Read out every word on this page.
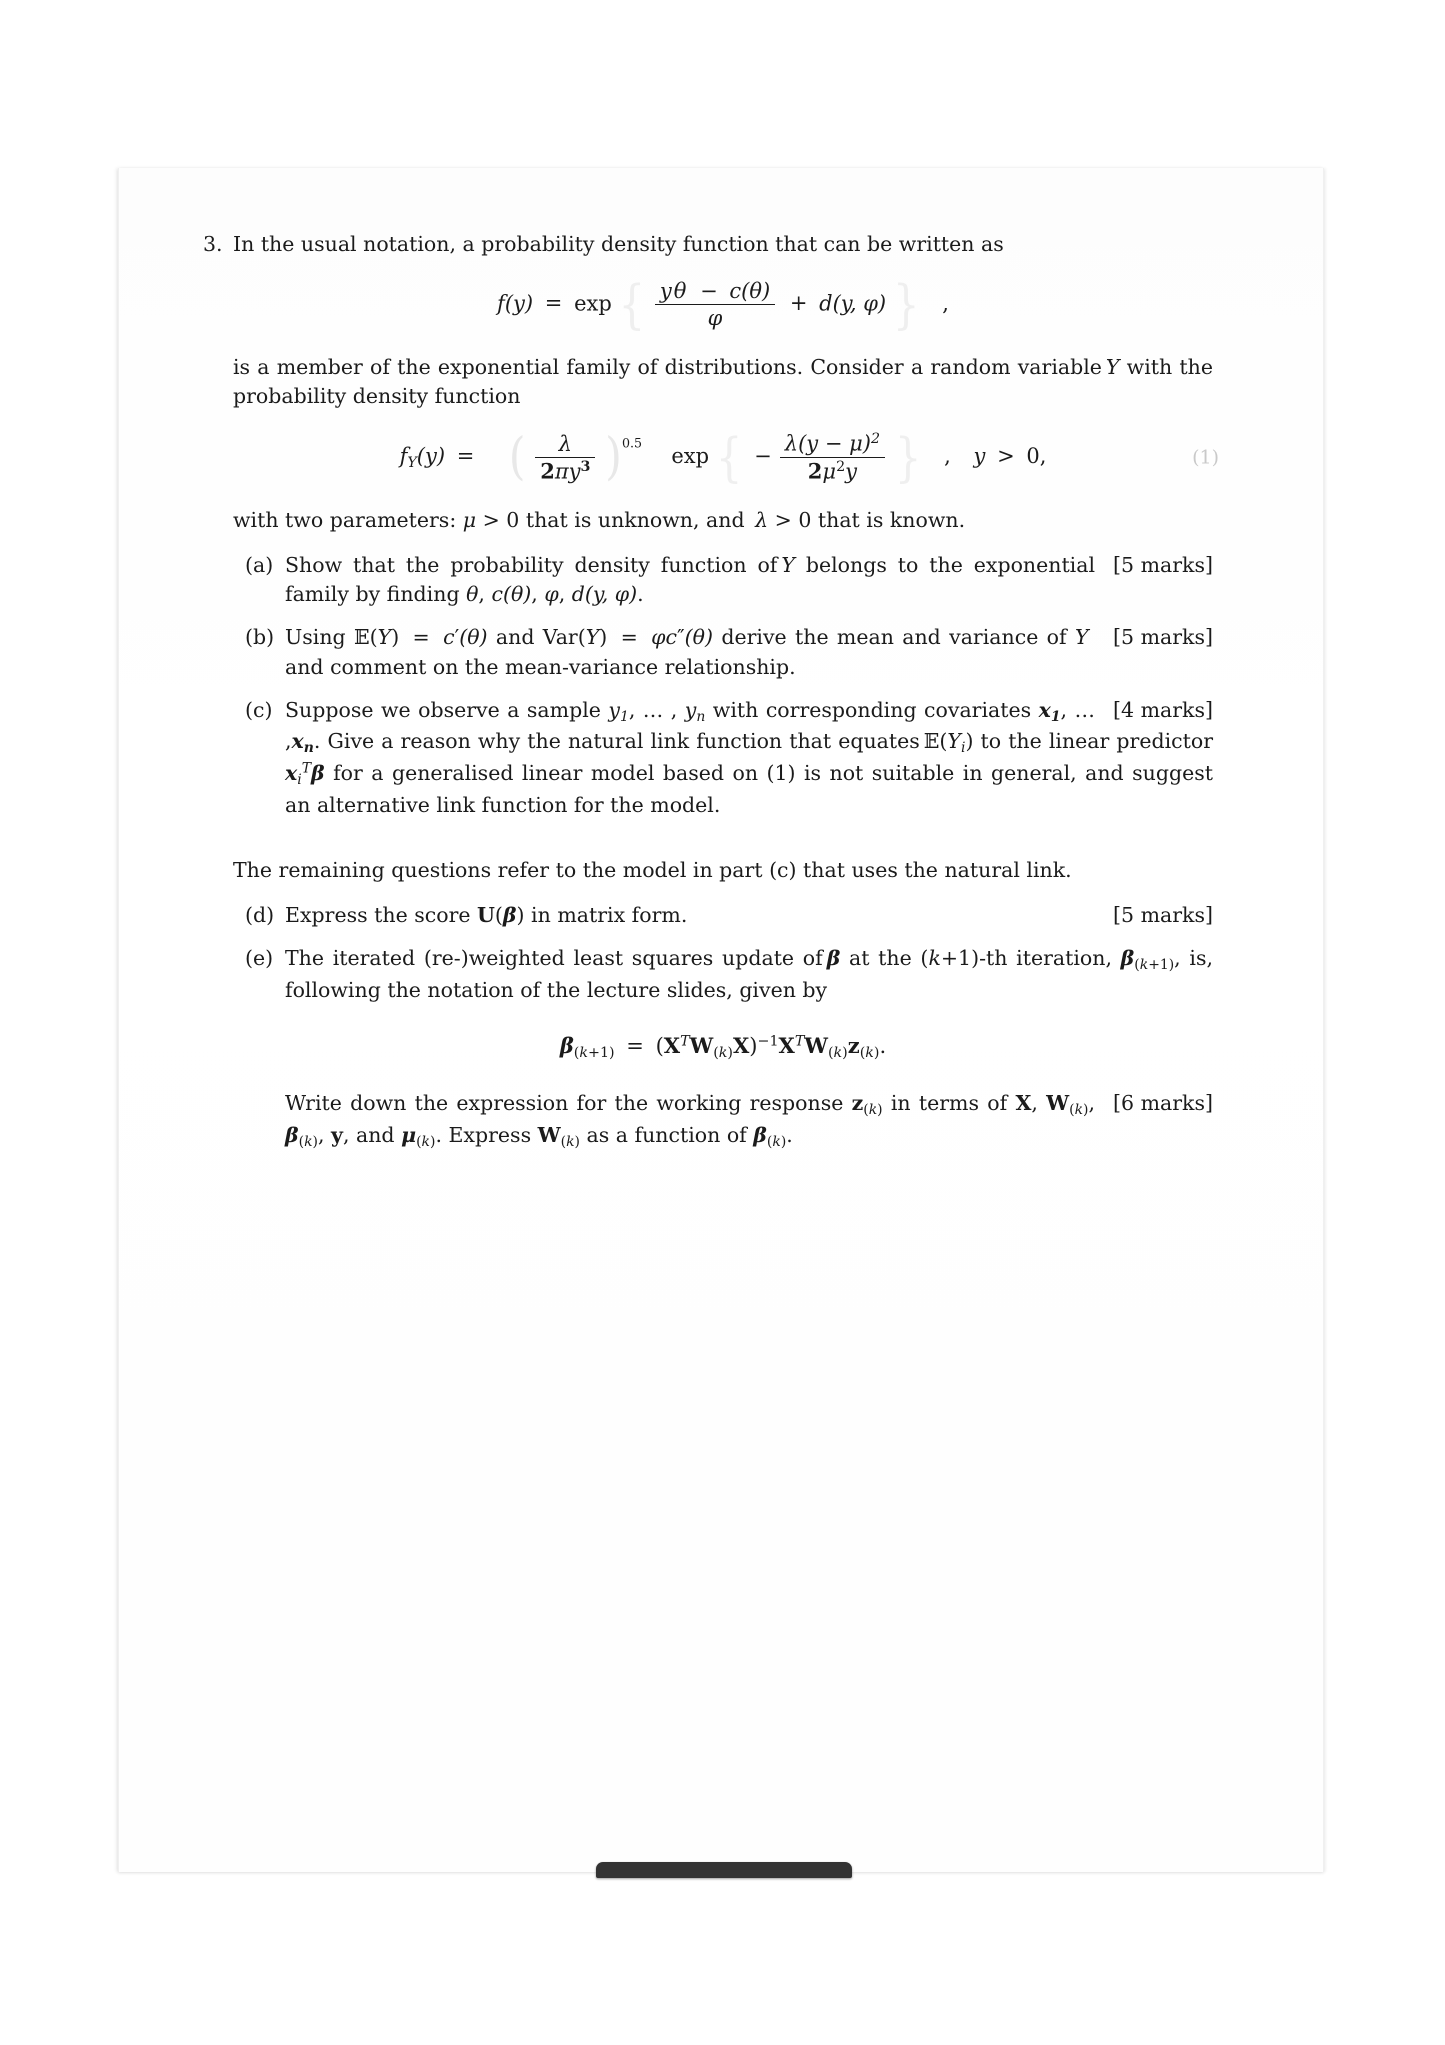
3. In the usual notation, a probability density function that can be written as

f(y) = exp { $\frac{y\theta - c(\theta)}{\varphi} + d(y$, φ) } ,

is a member of the exponential family of distributions. Consider a random variable Y with the probability density function

$f_Y(y)$ = ( $\frac{\lambda}{2\pi y^3} )^{0.5}$  exp { − $\frac{\lambda(y - \mu)^2}{2\mu^2y}$ } , y > 0,	(1)

with two parameters: μ > 0 that is unknown, and λ > 0 that is known.

(a)	[5 marks]
Show that the probability density function of Y belongs to the exponential family by finding θ, c(θ), φ, d(y, φ).
(b)	[5 marks]
Using 𝔼(Y) = c′(θ) and Var(Y) = φc″(θ) derive the mean and variance of Y  and comment on the mean-variance relationship.
(c)	[4 marks]
Suppose we observe a sample $y_1$, … , $y_n$ with corresponding covariates $x_1$, … $,x_n$. Give a reason why the natural link function that equates $𝔼(Y_i)$ to the linear predictor $x_i^T\beta$ for a generalised linear model based on (1) is not suitable in general, and suggest an alternative link function for the model.

The remaining questions refer to the model in part (c) that uses the natural link.

(d)	[5 marks]
Express the score U(β) in matrix form.
(e) The iterated (re-)weighted least squares update of β at the (k+1)-th iteration, $\beta_{(k+1)}$, is, following the notation of the lecture slides, given by
$\beta_{(k+1)} = (X^TW_{(k)}X)^{-1}X^TW_{(k)}z_{(k)}$.
[6 marks]
Write down the expression for the working response $z_{(k)}$ in terms of X, $W_{(k)}$, $\beta_{(k)}$, y, and $\mu_{(k)}$. Express $W_{(k)}$ as a function of $\beta_{(k)}$.
